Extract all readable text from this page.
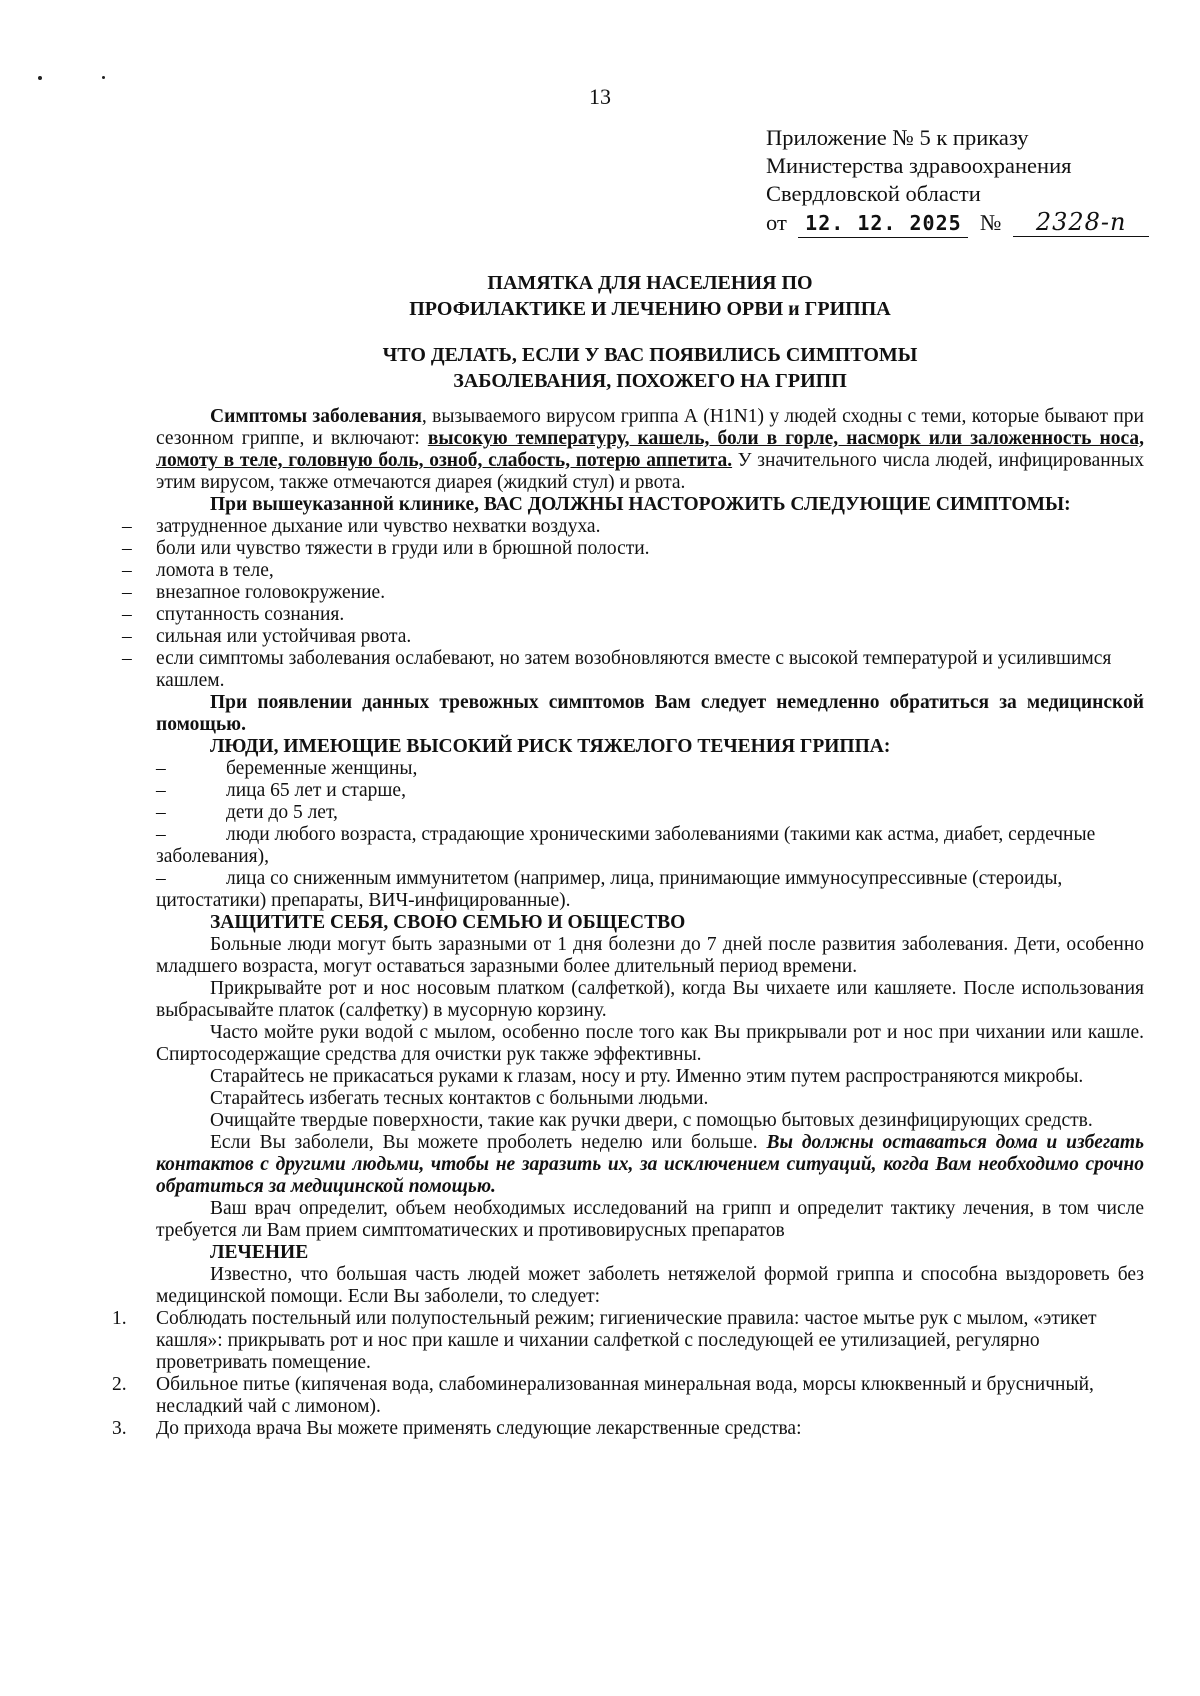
13
Приложение № 5 к приказу
Министерства здравоохранения
Свердловской области
от 12. 12. 2025 № 2328-п
ПАМЯТКА ДЛЯ НАСЕЛЕНИЯ ПО
ПРОФИЛАКТИКЕ И ЛЕЧЕНИЮ ОРВИ и ГРИППА
ЧТО ДЕЛАТЬ, ЕСЛИ У ВАС ПОЯВИЛИСЬ СИМПТОМЫ
ЗАБОЛЕВАНИЯ, ПОХОЖЕГО НА ГРИПП

Симптомы заболевания, вызываемого вирусом гриппа А (H1N1) у людей сходны с теми, которые бывают при сезонном гриппе, и включают: высокую температуру, кашель, боли в горле, насморк или заложенность носа, ломоту в теле, головную боль, озноб, слабость, потерю аппетита. У значительного числа людей, инфицированных этим вирусом, также отмечаются диарея (жидкий стул) и рвота.

При вышеуказанной клинике, ВАС ДОЛЖНЫ НАСТОРОЖИТЬ СЛЕДУЮЩИЕ СИМПТОМЫ:

– затрудненное дыхание или чувство нехватки воздуха.
– боли или чувство тяжести в груди или в брюшной полости.
– ломота в теле,
– внезапное головокружение.
– спутанность сознания.
– сильная или устойчивая рвота.
– если симптомы заболевания ослабевают, но затем возобновляются вместе с высокой температурой и усилившимся кашлем.

При появлении данных тревожных симптомов Вам следует немедленно обратиться за медицинской помощью.

ЛЮДИ, ИМЕЮЩИЕ ВЫСОКИЙ РИСК ТЯЖЕЛОГО ТЕЧЕНИЯ ГРИППА:

–	беременные женщины,
–	лица 65 лет и старше,
–	дети до 5 лет,
–	люди любого возраста, страдающие хроническими заболеваниями (такими как астма, диабет, сердечные заболевания),
–	лица со сниженным иммунитетом (например, лица, принимающие иммуносупрессивные (стероиды, цитостатики) препараты, ВИЧ-инфицированные).

ЗАЩИТИТЕ СЕБЯ, СВОЮ СЕМЬЮ И ОБЩЕСТВО

Больные люди могут быть заразными от 1 дня болезни до 7 дней после развития заболевания. Дети, особенно младшего возраста, могут оставаться заразными более длительный период времени.

Прикрывайте рот и нос носовым платком (салфеткой), когда Вы чихаете или кашляете. После использования выбрасывайте платок (салфетку) в мусорную корзину.

Часто мойте руки водой с мылом, особенно после того как Вы прикрывали рот и нос при чихании или кашле. Спиртосодержащие средства для очистки рук также эффективны.

Старайтесь не прикасаться руками к глазам, носу и рту. Именно этим путем распространяются микробы.

Старайтесь избегать тесных контактов с больными людьми.

Очищайте твердые поверхности, такие как ручки двери, с помощью бытовых дезинфицирующих средств.

Если Вы заболели, Вы можете проболеть неделю или больше. Вы должны оставаться дома и избегать контактов с другими людьми, чтобы не заразить их, за исключением ситуаций, когда Вам необходимо срочно обратиться за медицинской помощью.

Ваш врач определит, объем необходимых исследований на грипп и определит тактику лечения, в том числе требуется ли Вам прием симптоматических и противовирусных препаратов

ЛЕЧЕНИЕ

Известно, что большая часть людей может заболеть нетяжелой формой гриппа и способна выздороветь без медицинской помощи. Если Вы заболели, то следует:

1. Соблюдать постельный или полупостельный режим; гигиенические правила: частое мытье рук с мылом, «этикет кашля»: прикрывать рот и нос при кашле и чихании салфеткой с последующей ее утилизацией, регулярно проветривать помещение.
2. Обильное питье (кипяченая вода, слабоминерализованная минеральная вода, морсы клюквенный и брусничный, несладкий чай с лимоном).
3. До прихода врача Вы можете применять следующие лекарственные средства:
